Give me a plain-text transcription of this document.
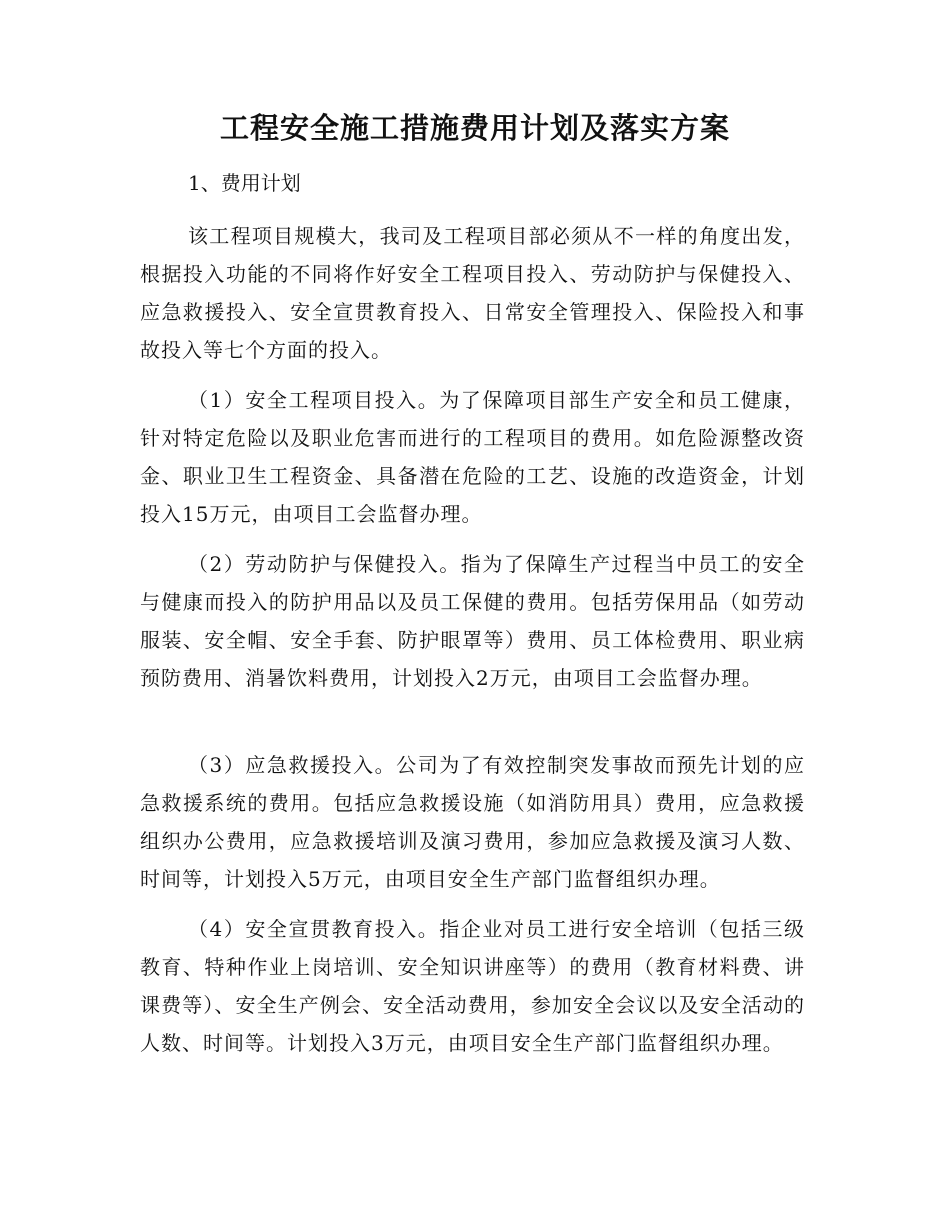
工程安全施工措施费用计划及落实方案

1、费用计划

该工程项目规模大，我司及工程项目部必须从不一样的角度出发，根据投入功能的不同将作好安全工程项目投入、劳动防护与保健投入、应急救援投入、安全宣贯教育投入、日常安全管理投入、保险投入和事故投入等七个方面的投入。

（1）安全工程项目投入。为了保障项目部生产安全和员工健康，针对特定危险以及职业危害而进行的工程项目的费用。如危险源整改资金、职业卫生工程资金、具备潜在危险的工艺、设施的改造资金，计划投入15万元，由项目工会监督办理。

（2）劳动防护与保健投入。指为了保障生产过程当中员工的安全与健康而投入的防护用品以及员工保健的费用。包括劳保用品（如劳动服装、安全帽、安全手套、防护眼罩等）费用、员工体检费用、职业病预防费用、消暑饮料费用，计划投入2万元，由项目工会监督办理。

（3）应急救援投入。公司为了有效控制突发事故而预先计划的应急救援系统的费用。包括应急救援设施（如消防用具）费用，应急救援组织办公费用，应急救援培训及演习费用，参加应急救援及演习人数、时间等，计划投入5万元，由项目安全生产部门监督组织办理。

（4）安全宣贯教育投入。指企业对员工进行安全培训（包括三级教育、特种作业上岗培训、安全知识讲座等）的费用（教育材料费、讲课费等）、安全生产例会、安全活动费用，参加安全会议以及安全活动的人数、时间等。计划投入3万元，由项目安全生产部门监督组织办理。
